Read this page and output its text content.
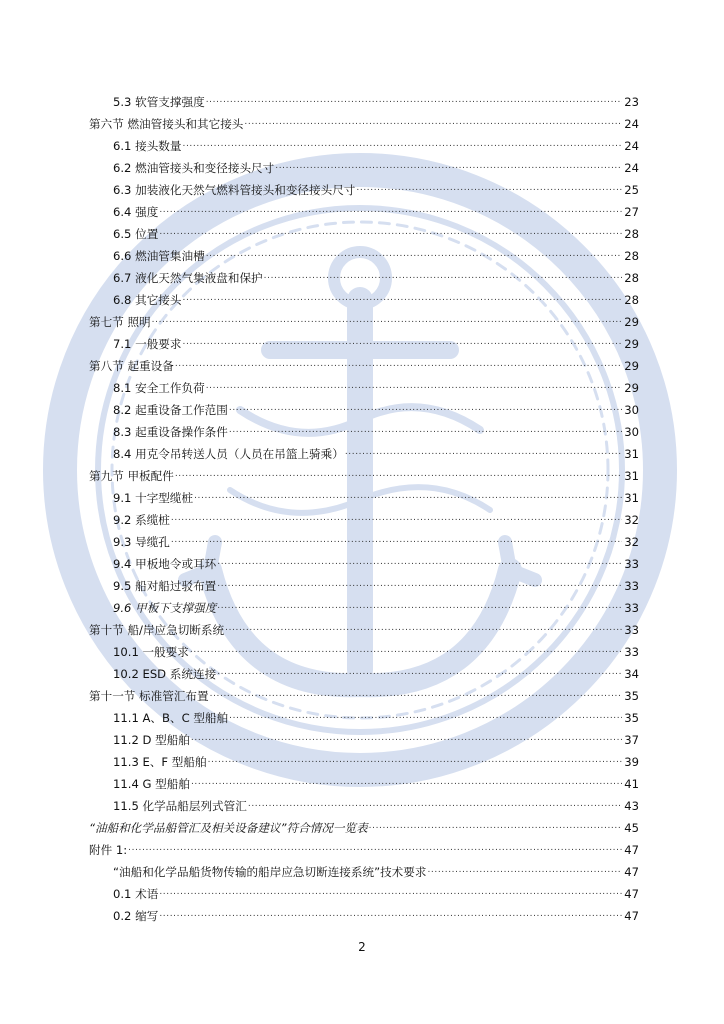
5.3 软管支撑强度 .....	23
第六节 燃油管接头和其它接头 .....	24
6.1 接头数量 .....	24
6.2 燃油管接头和变径接头尺寸 .....	24
6.3 加装液化天然气燃料管接头和变径接头尺寸 .....	25
6.4 强度 .....	27
6.5 位置 .....	28
6.6 燃油管集油槽 .....	28
6.7 液化天然气集液盘和保护 .....	28
6.8 其它接头 .....	28
第七节 照明 .....	29
7.1 一般要求 .....	29
第八节 起重设备 .....	29
8.1 安全工作负荷 .....	29
8.2 起重设备工作范围 .....	30
8.3 起重设备操作条件 .....	30
8.4 用克令吊转送人员（人员在吊篮上骑乘） .....	31
第九节 甲板配件 .....	31
9.1 十字型缆桩 .....	31
9.2 系缆桩 .....	32
9.3 导缆孔 .....	32
9.4 甲板地令或耳环 .....	33
9.5 船对船过驳布置 .....	33
9.6 甲板下支撑强度 .....	33
第十节 船/岸应急切断系统 .....	33
10.1 一般要求 .....	33
10.2 ESD 系统连接 .....	34
第十一节 标准管汇布置 .....	35
11.1 A、B、C 型船舶 .....	35
11.2 D 型船舶 .....	37
11.3 E、F 型船舶 .....	39
11.4 G 型船舶 .....	41
11.5 化学品船层列式管汇 .....	43
“油船和化学品船管汇及相关设备建议”符合情况一览表 .....	45
附件 1: .....	47
“油船和化学品船货物传输的船岸应急切断连接系统”技术要求 .....	47
0.1 术语 .....	47
0.2 缩写 .....	47
2
